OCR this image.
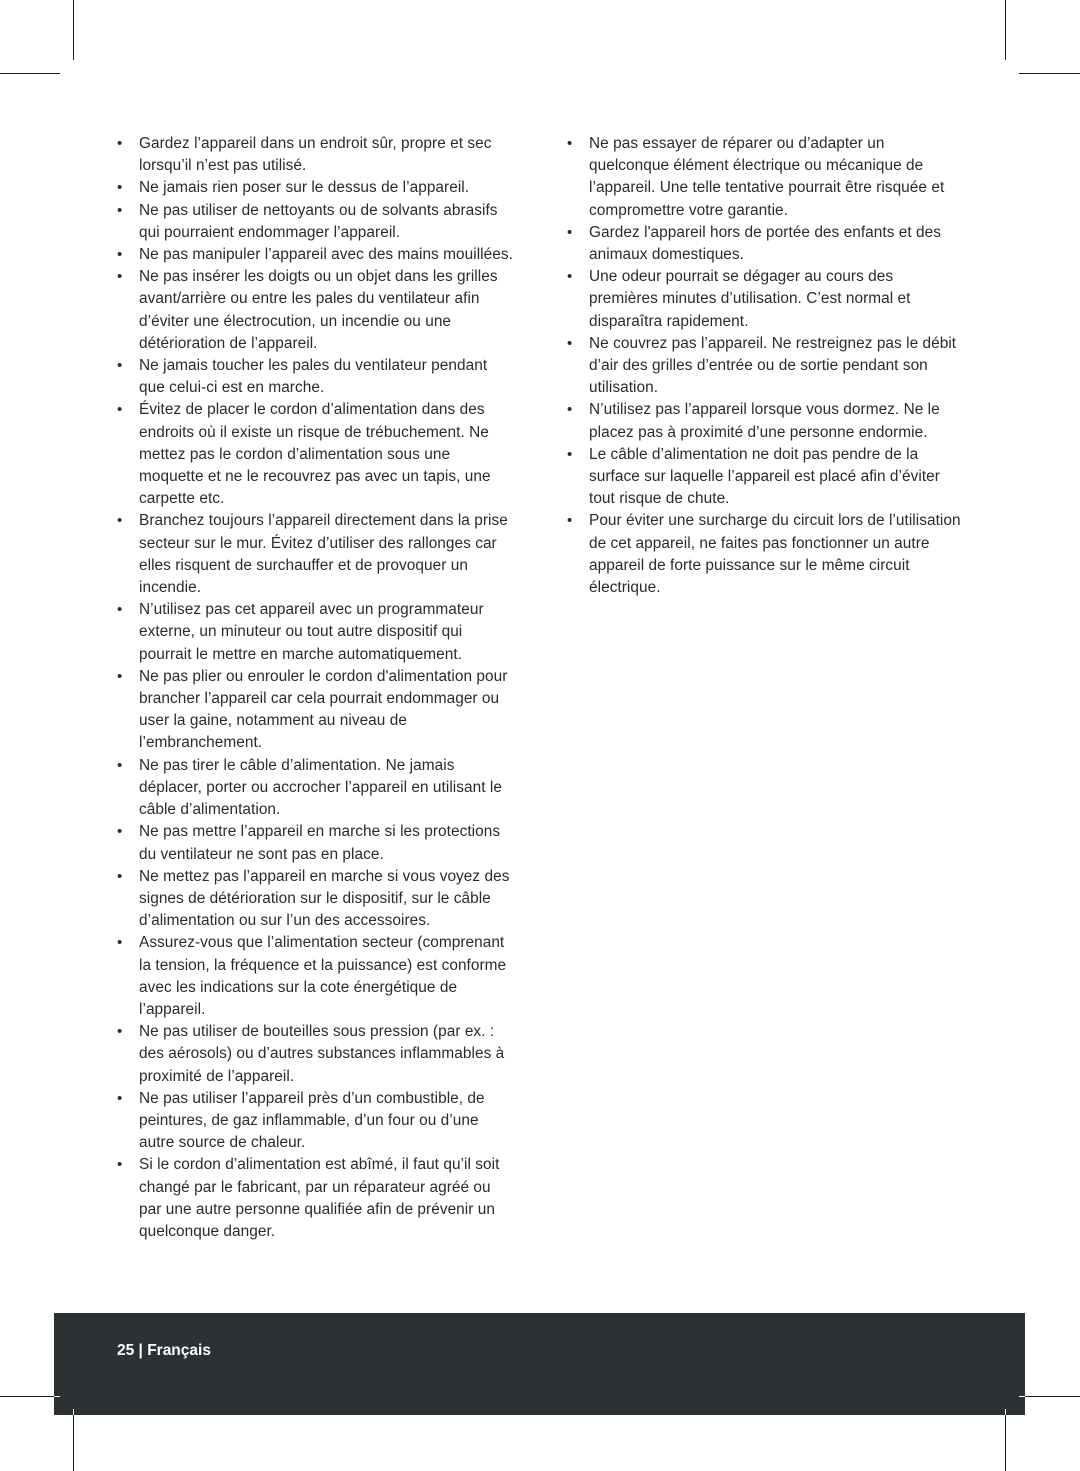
• Gardez l’appareil dans un endroit sûr, propre et sec lorsqu’il n’est pas utilisé.
• Ne jamais rien poser sur le dessus de l’appareil.
• Ne pas utiliser de nettoyants ou de solvants abrasifs qui pourraient endommager l’appareil.
• Ne pas manipuler l’appareil avec des mains mouillées.
• Ne pas insérer les doigts ou un objet dans les grilles avant/arrière ou entre les pales du ventilateur afin d’éviter une électrocution, un incendie ou une détérioration de l’appareil.
• Ne jamais toucher les pales du ventilateur pendant que celui-ci est en marche.
• Évitez de placer le cordon d’alimentation dans des endroits où il existe un risque de trébuchement. Ne mettez pas le cordon d’alimentation sous une moquette et ne le recouvrez pas avec un tapis, une carpette etc.
• Branchez toujours l’appareil directement dans la prise secteur sur le mur. Évitez d’utiliser des rallonges car elles risquent de surchauffer et de provoquer un incendie.
• N’utilisez pas cet appareil avec un programmateur externe, un minuteur ou tout autre dispositif qui pourrait le mettre en marche automatiquement.
• Ne pas plier ou enrouler le cordon d'alimentation pour brancher l’appareil car cela pourrait endommager ou user la gaine, notamment au niveau de l’embranchement.
• Ne pas tirer le câble d’alimentation. Ne jamais déplacer, porter ou accrocher l’appareil en utilisant le câble d’alimentation.
• Ne pas mettre l’appareil en marche si les protections du ventilateur ne sont pas en place.
• Ne mettez pas l’appareil en marche si vous voyez des signes de détérioration sur le dispositif, sur le câble d’alimentation ou sur l’un des accessoires.
• Assurez-vous que l’alimentation secteur (comprenant la tension, la fréquence et la puissance) est conforme avec les indications sur la cote énergétique de l’appareil.
• Ne pas utiliser de bouteilles sous pression (par ex. : des aérosols) ou d’autres substances inflammables à proximité de l’appareil.
• Ne pas utiliser l’appareil près d’un combustible, de peintures, de gaz inflammable, d’un four ou d’une autre source de chaleur.
• Si le cordon d’alimentation est abîmé, il faut qu’il soit changé par le fabricant, par un réparateur agréé ou par une autre personne qualifiée afin de prévenir un quelconque danger.
• Ne pas essayer de réparer ou d’adapter un quelconque élément électrique ou mécanique de l’appareil. Une telle tentative pourrait être risquée et compromettre votre garantie.
• Gardez l'appareil hors de portée des enfants et des animaux domestiques.
• Une odeur pourrait se dégager au cours des premières minutes d’utilisation. C’est normal et disparaîtra rapidement.
• Ne couvrez pas l’appareil. Ne restreignez pas le débit d’air des grilles d’entrée ou de sortie pendant son utilisation.
• N’utilisez pas l’appareil lorsque vous dormez. Ne le placez pas à proximité d’une personne endormie.
• Le câble d’alimentation ne doit pas pendre de la surface sur laquelle l’appareil est placé afin d’éviter tout risque de chute.
• Pour éviter une surcharge du circuit lors de l’utilisation de cet appareil, ne faites pas fonctionner un autre appareil de forte puissance sur le même circuit électrique.
25 | Français
